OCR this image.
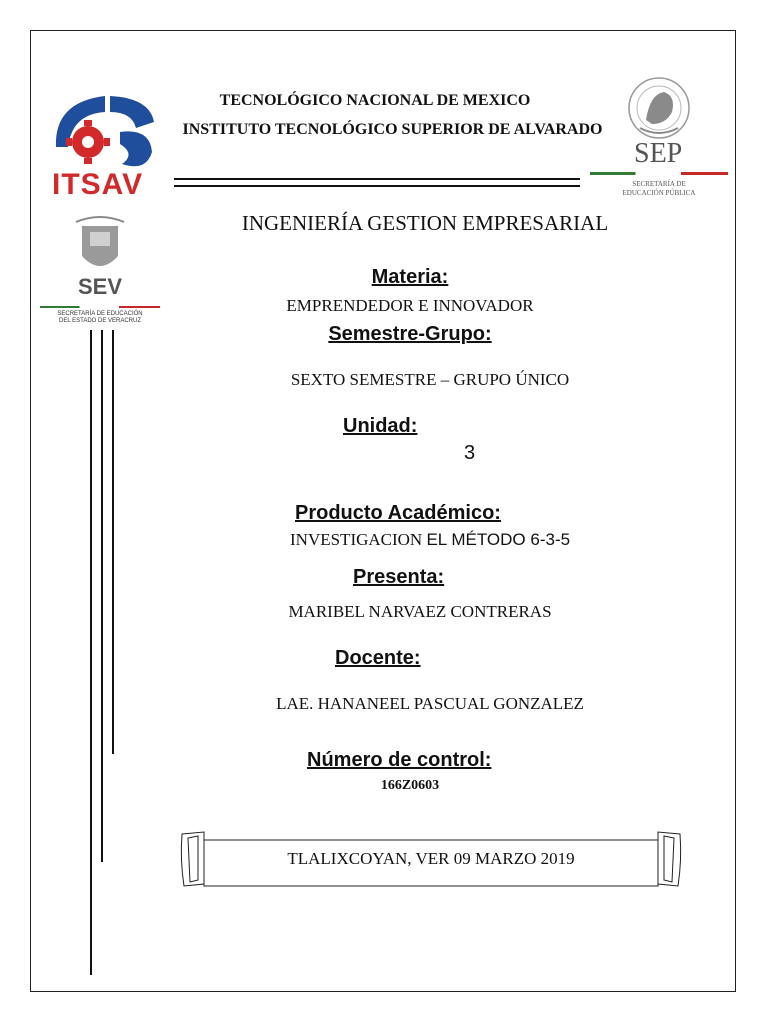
ITSAV
SEP
SECRETARÍA DE
EDUCACIÓN PÚBLICA
SEV
SECRETARÍA DE EDUCACIÓN
DEL ESTADO DE VERACRUZ
TECNOLÓGICO NACIONAL DE MEXICO
INSTITUTO TECNOLÓGICO SUPERIOR DE ALVARADO
INGENIERÍA GESTION EMPRESARIAL
Materia:
EMPRENDEDOR E INNOVADOR
Semestre-Grupo:
SEXTO SEMESTRE – GRUPO ÚNICO
Unidad:
3
Producto Académico:
INVESTIGACION EL MÉTODO 6-3-5
Presenta:
MARIBEL NARVAEZ CONTRERAS
Docente:
LAE. HANANEEL PASCUAL GONZALEZ
Número de control:
166Z0603
TLALIXCOYAN, VER 09 MARZO 2019
